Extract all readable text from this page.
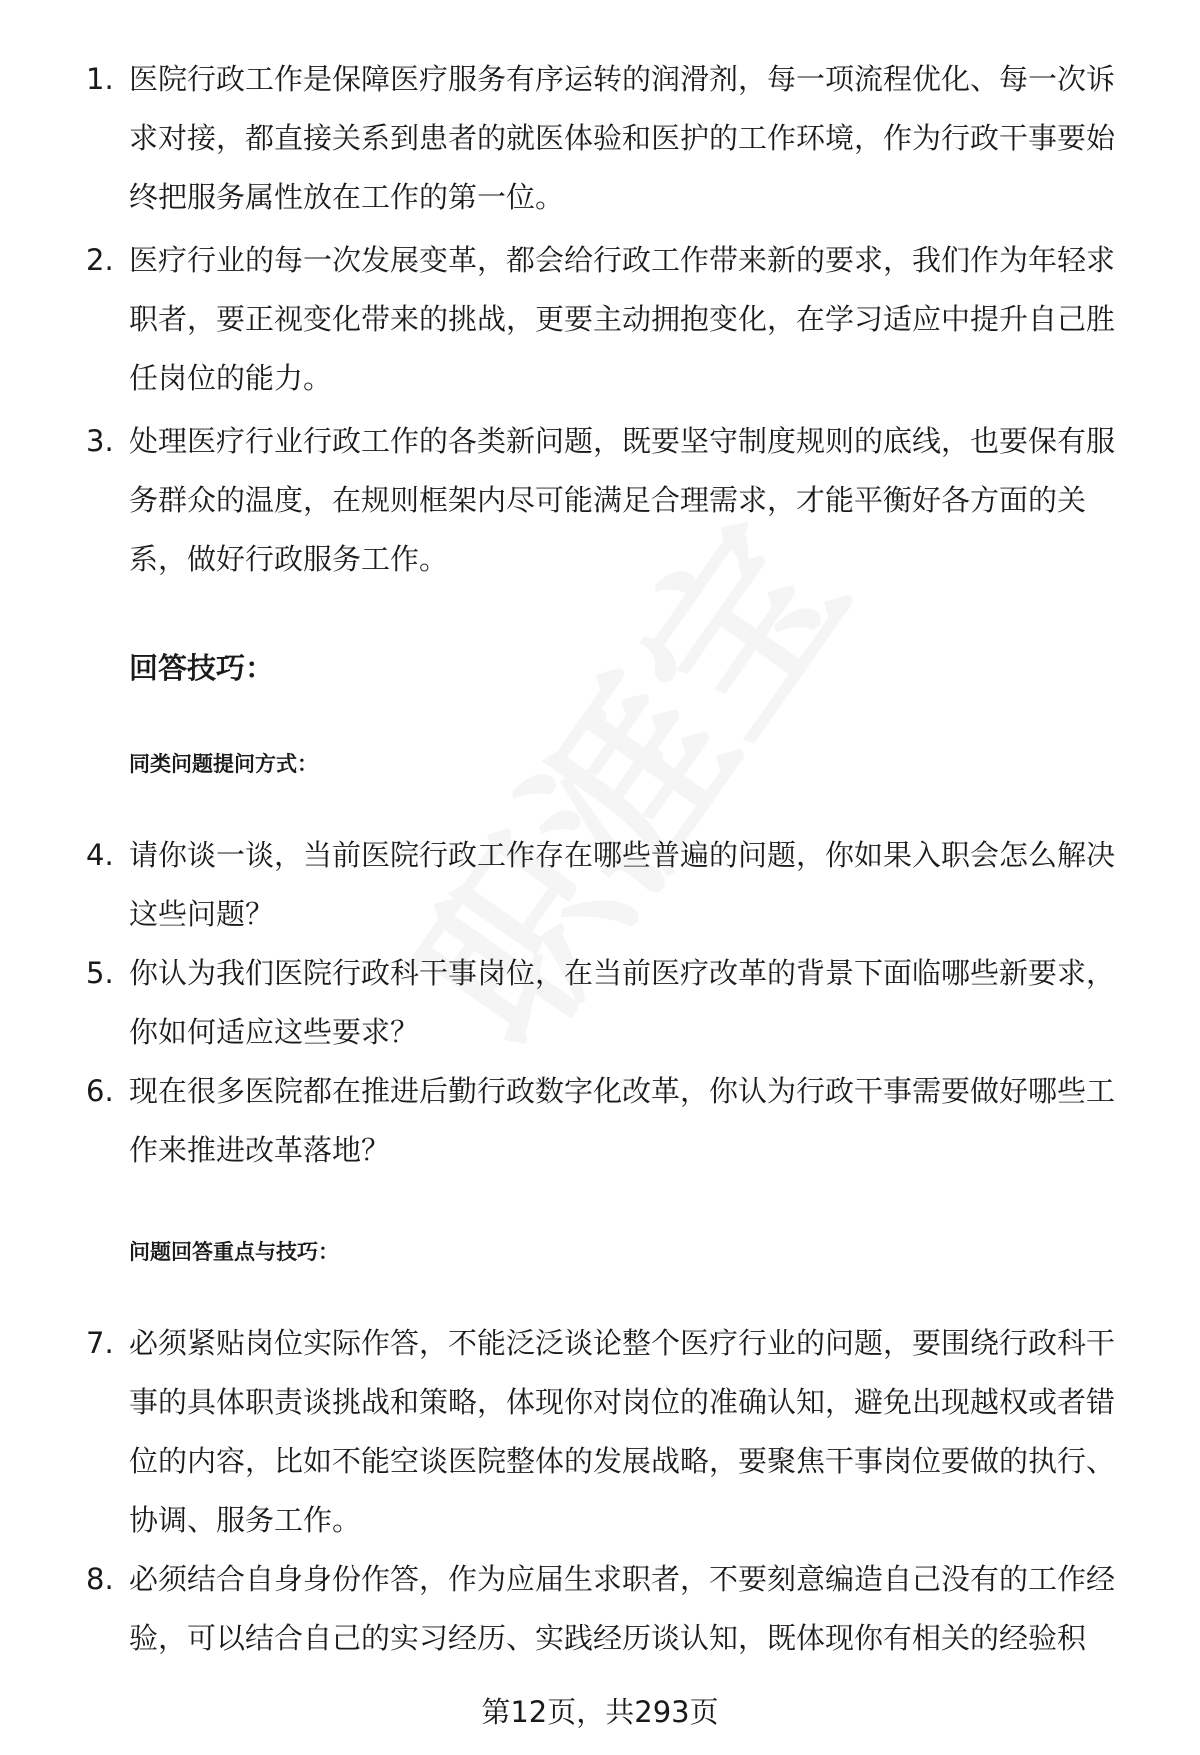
1. 医院行政工作是保障医疗服务有序运转的润滑剂，每一项流程优化、每一次诉求对接，都直接关系到患者的就医体验和医护的工作环境，作为行政干事要始终把服务属性放在工作的第一位。
2. 医疗行业的每一次发展变革，都会给行政工作带来新的要求，我们作为年轻求职者，要正视变化带来的挑战，更要主动拥抱变化，在学习适应中提升自己胜任岗位的能力。
3. 处理医疗行业行政工作的各类新问题，既要坚守制度规则的底线，也要保有服务群众的温度，在规则框架内尽可能满足合理需求，才能平衡好各方面的关系，做好行政服务工作。
回答技巧：
同类问题提问方式：
4. 请你谈一谈，当前医院行政工作存在哪些普遍的问题，你如果入职会怎么解决这些问题？
5. 你认为我们医院行政科干事岗位，在当前医疗改革的背景下面临哪些新要求，你如何适应这些要求？
6. 现在很多医院都在推进后勤行政数字化改革，你认为行政干事需要做好哪些工作来推进改革落地？
问题回答重点与技巧：
7. 必须紧贴岗位实际作答，不能泛泛谈论整个医疗行业的问题，要围绕行政科干事的具体职责谈挑战和策略，体现你对岗位的准确认知，避免出现越权或者错位的内容，比如不能空谈医院整体的发展战略，要聚焦干事岗位要做的执行、协调、服务工作。
8. 必须结合自身身份作答，作为应届生求职者，不要刻意编造自己没有的工作经验，可以结合自己的实习经历、实践经历谈认知，既体现你有相关的经验积
第12页，共293页
